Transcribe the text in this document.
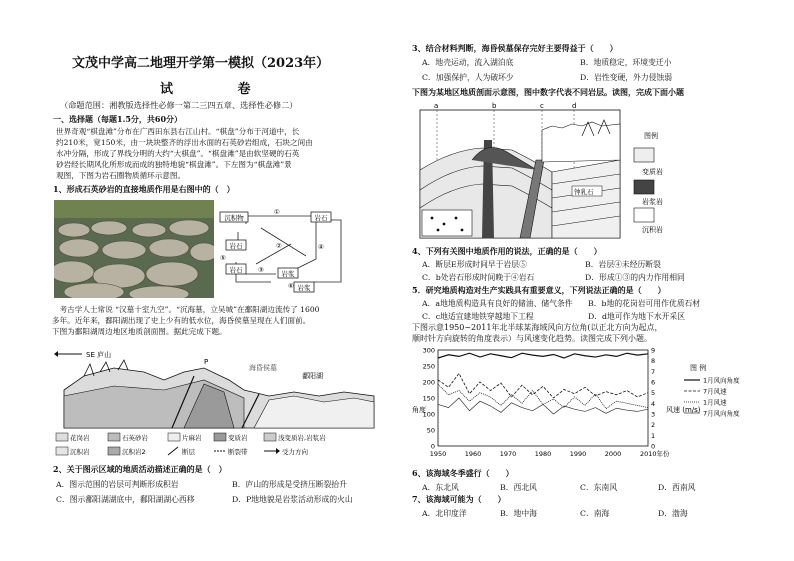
文茂中学高二地理开学第一模拟（2023年）
试 卷
（命题范围：湘教版选择性必修一第二三四五章、选择性必修二）
一、选择题（每题1.5分，共60分）
世界奇观“棋盘滩”分布在广西田东县右江山村。“棋盘”分布于河道中，长
约210米，宽150米，由一块块整齐的浮出水面的石英砂岩组成，石块之间由
水冲分隔，形成了界线分明的大约“大棋盘”。“棋盘滩”是由软坚硬的石英
砂岩经长期风化所形成而成的独特地貌“棋盘滩”。下左图为“棋盘滩”景
观图，下图为岩石圈物质循环示意图。
1、形成石英砂岩的直接地质作用是右图中的（　）
沉积物	岩石
岩石
岩石	岩浆
岩浆
①
②
③
④
⑤
⑥
　考古学人士常说 “汉墓十室九空”。“沉海墓，立吴城”在鄱阳湖边流传了 1600
多年。近年来，鄱阳湖出现了史上少有的低水位，海昏侯墓呈现在人们面前。
下图为鄱阳湖周边地区地质剖面图。据此完成下题。
SE 庐山
P
海昏侯墓
鄱阳湖
花岗岩	石英砂岩	片麻岩	变质岩	浅变质岩,岩浆岩
沉积岩	沉积岩2	断层	断裂带	受力方向
2、关于图示区域的地质活动描述正确的是（　）
A．图示范围的岩层可判断形成积岩	B．庐山的形成是受挤压断裂抬升
C．图示鄱阳湖湖底中，鄱阳湖湖心西移	D．P地地貌是岩浆活动形成的火山
3、结合材料判断，海昏侯墓保存完好主要得益于（　　）
A．地壳运动，流入湖泊底	B．地质稳定，环境变迁小
C．加强保护，人为破坏少	D．岩性变硬，外力侵蚀弱
下图为某地区地质剖面示意图，图中数字代表不同岩层。读图，完成下面小题
a	b	c	d
钟乳石
图例
变质岩
岩浆岩
沉积岩
4、下列有关图中地质作用的说法，正确的是（　　）
A．断层E形成时间早于岩层⑤	B．岩层④未经历断裂
C．b处岩石形成时间晚于④岩石	D．形成①③的内力作用相同
5．研究地质构造对生产实践具有重要意义，下列说法正确的是（　　）
A．a地地质构造具有良好的储油、储气条件 B．b地的花岗岩可用作优质石材
C．c地适宜建地铁穿越地下工程	D．d地可作为地下水开采区
下图示意1950~2011年北半球某海域风向方位角(以正北方向为起点，
顺时针方向旋转的角度表示）与风速变化趋势。读图完成下列小题。
角度	风速 (m/s)
图 例
0
50
100
150
200
250
300
0
1
2
3
4
5
6
7
8
9
1950	1960	1970	1980	1990	2000	2010年份
1月风向角度
7月风速
1月风速
7月风向角度
6、该海域冬季盛行（　　）
A．东北风	B．西北风	C．东南风	D．西南风
7、该海域可能为（　　）
A．北印度洋	B．地中海	C．南海	D．渤海
